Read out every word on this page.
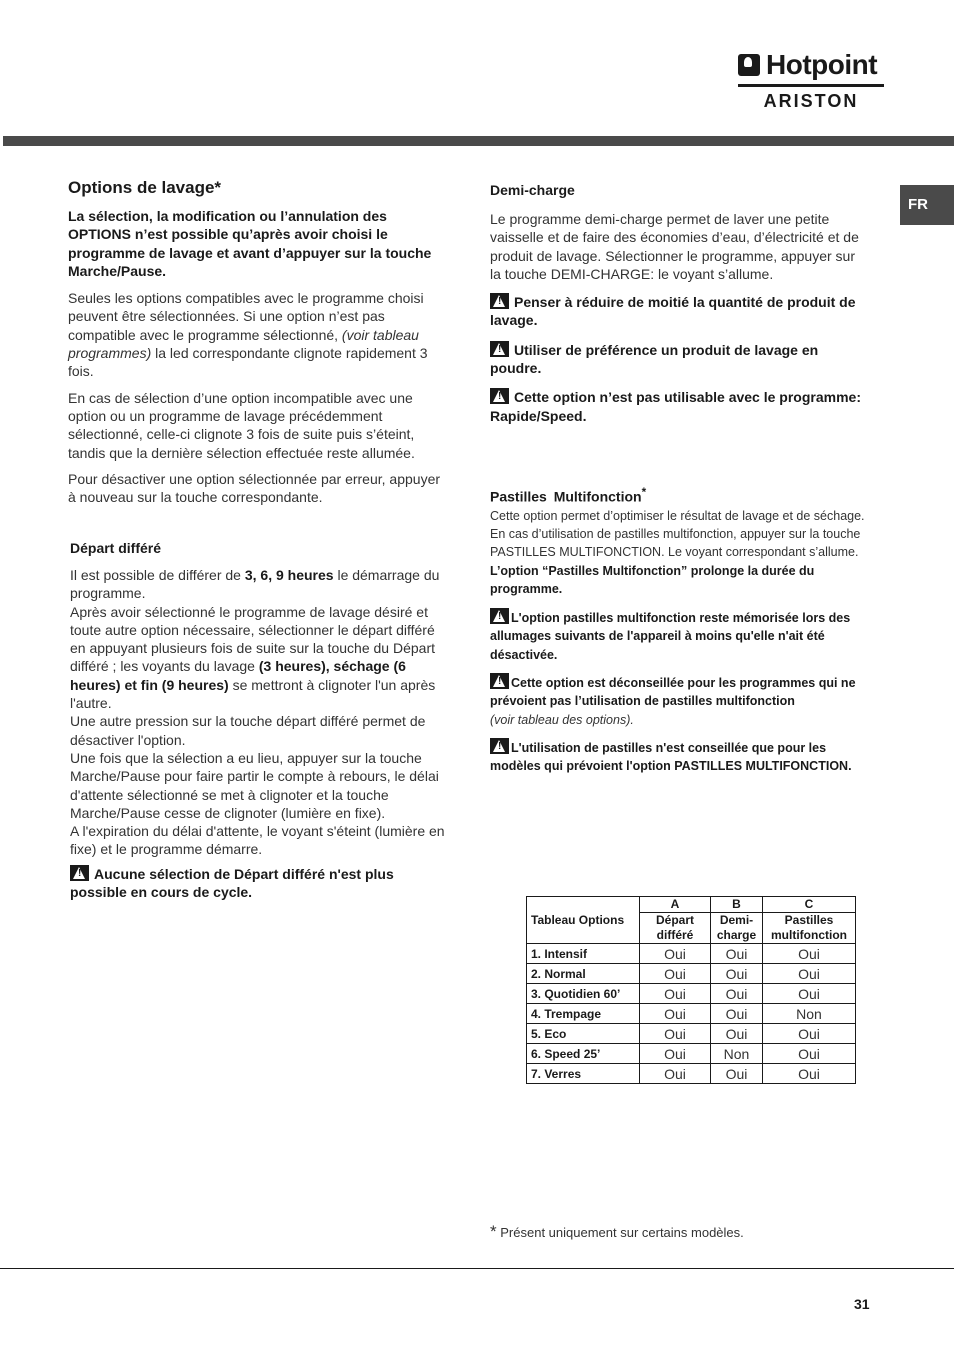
Hotpoint
ARISTON
FR
Options de lavage*

La sélection, la modification ou l’annulation des OPTIONS n’est possible qu’après avoir choisi le programme de lavage et avant d’appuyer sur la touche Marche/Pause.

Seules les options compatibles avec le programme choisi peuvent être sélectionnées. Si une option n’est pas compatible avec le programme sélectionné, (voir tableau programmes) la led correspondante clignote rapidement 3 fois.

En cas de sélection d’une option incompatible avec une option ou un programme de lavage précédemment sélectionné, celle-ci clignote 3 fois de suite puis s’éteint, tandis que la dernière sélection effectuée reste allumée.

Pour désactiver une option sélectionnée par erreur, appuyer à nouveau sur la touche correspondante.

Départ différé

Il est possible de différer de 3, 6, 9 heures le démarrage du programme.
Après avoir sélectionné le programme de lavage désiré et toute autre option nécessaire, sélectionner le départ différé en appuyant plusieurs fois de suite sur la touche du Départ différé ; les voyants du lavage (3 heures), séchage (6 heures) et fin (9 heures) se mettront à clignoter l'un après l'autre.
Une autre pression sur la touche départ différé permet de désactiver l'option.
Une fois que la sélection a eu lieu, appuyer sur la touche Marche/Pause pour faire partir le compte à rebours, le délai d'attente sélectionné se met à clignoter et la touche Marche/Pause cesse de clignoter (lumière en fixe).
A l'expiration du délai d'attente, le voyant s'éteint (lumière en fixe) et le programme démarre.

!Aucune sélection de Départ différé n'est plus possible en cours de cycle.

Demi-charge

Le programme demi-charge permet de laver une petite vaisselle et de faire des économies d’eau, d’électricité et de produit de lavage. Sélectionner le programme, appuyer sur la touche DEMI-CHARGE: le voyant s’allume.

!Penser à réduire de moitié la quantité de produit de lavage.

!Utiliser de préférence un produit de lavage en poudre.

!Cette option n’est pas utilisable avec le programme: Rapide/Speed.

Pastilles Multifonction*

Cette option permet d’optimiser le résultat de lavage et de séchage.

En cas d’utilisation de pastilles multifonction, appuyer sur la touche PASTILLES MULTIFONCTION. Le voyant correspondant s’allume. L’option “Pastilles Multifonction” prolonge la durée du programme.

!L'option pastilles multifonction reste mémorisée lors des allumages suivants de l'appareil à moins qu'elle n'ait été désactivée.

!Cette option est déconseillée pour les programmes qui ne prévoient pas l’utilisation de pastilles multifonction
(voir tableau des options).

!L'utilisation de pastilles n'est conseillée que pour les modèles qui prévoient l'option PASTILLES MULTIFONCTION.

Tableau Options	A	B	C
	Départ différé	Demi-charge	Pastilles multifonction
1. Intensif	Oui	Oui	Oui
2. Normal	Oui	Oui	Oui
3. Quotidien 60’	Oui	Oui	Oui
4. Trempage	Oui	Oui	Non
5. Eco	Oui	Oui	Oui
6. Speed 25’	Oui	Non	Oui
7. Verres	Oui	Oui	Oui
* Présent uniquement sur certains modèles.
31
